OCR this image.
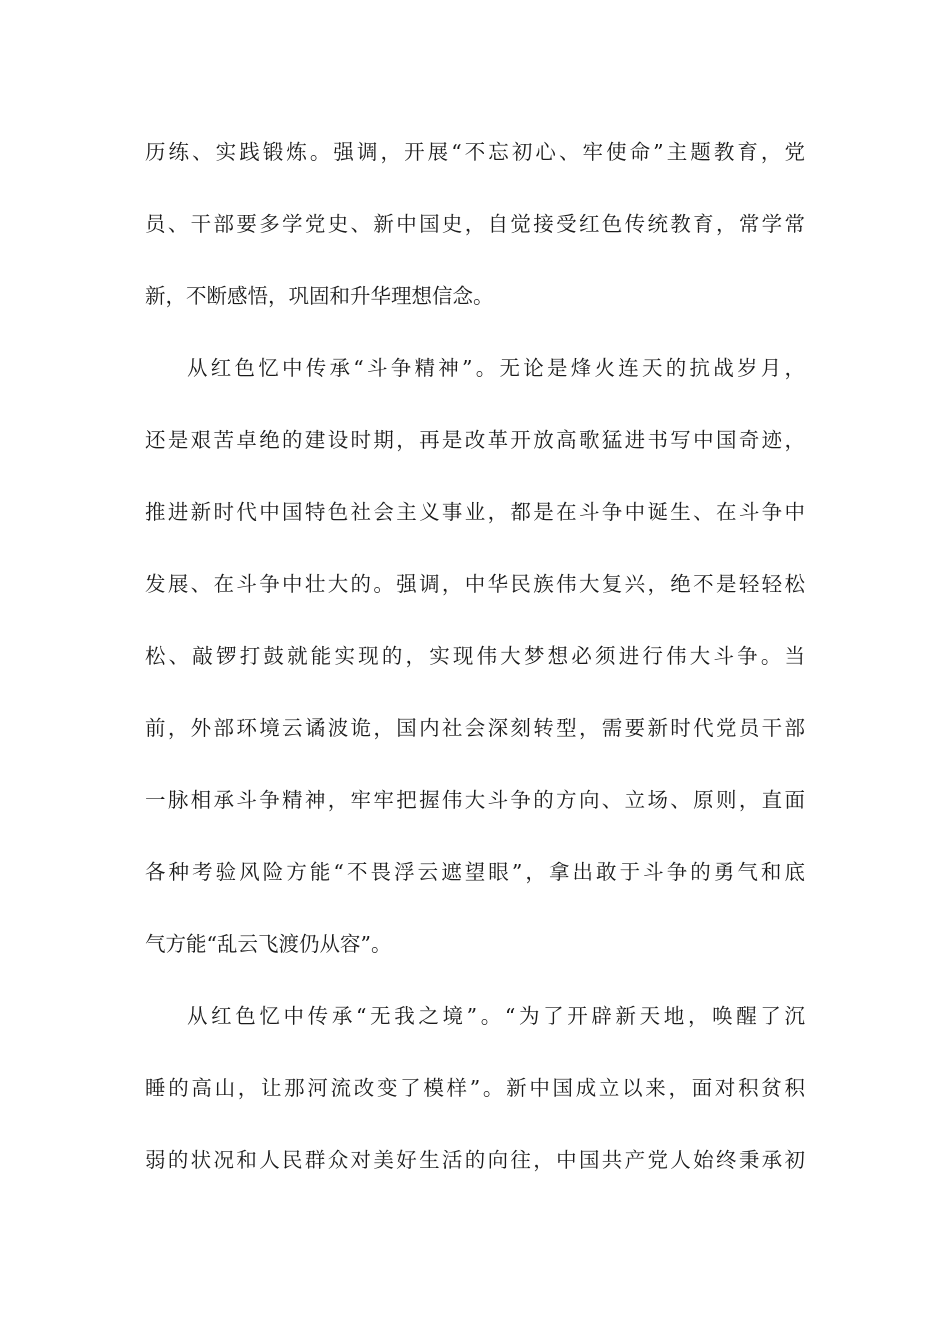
历练、实践锻炼。强调，开展“不忘初心、牢使命”主题教育，党
员、干部要多学党史、新中国史，自觉接受红色传统教育，常学常
新，不断感悟，巩固和升华理想信念。
从红色忆中传承“斗争精神”。无论是烽火连天的抗战岁月，
还是艰苦卓绝的建设时期，再是改革开放高歌猛进书写中国奇迹，
推进新时代中国特色社会主义事业，都是在斗争中诞生、在斗争中
发展、在斗争中壮大的。强调，中华民族伟大复兴，绝不是轻轻松
松、敲锣打鼓就能实现的，实现伟大梦想必须进行伟大斗争。当
前，外部环境云谲波诡，国内社会深刻转型，需要新时代党员干部
一脉相承斗争精神，牢牢把握伟大斗争的方向、立场、原则，直面
各种考验风险方能“不畏浮云遮望眼”，拿出敢于斗争的勇气和底
气方能“乱云飞渡仍从容”。
从红色忆中传承“无我之境”。“为了开辟新天地，唤醒了沉
睡的高山，让那河流改变了模样”。新中国成立以来，面对积贫积
弱的状况和人民群众对美好生活的向往，中国共产党人始终秉承初
